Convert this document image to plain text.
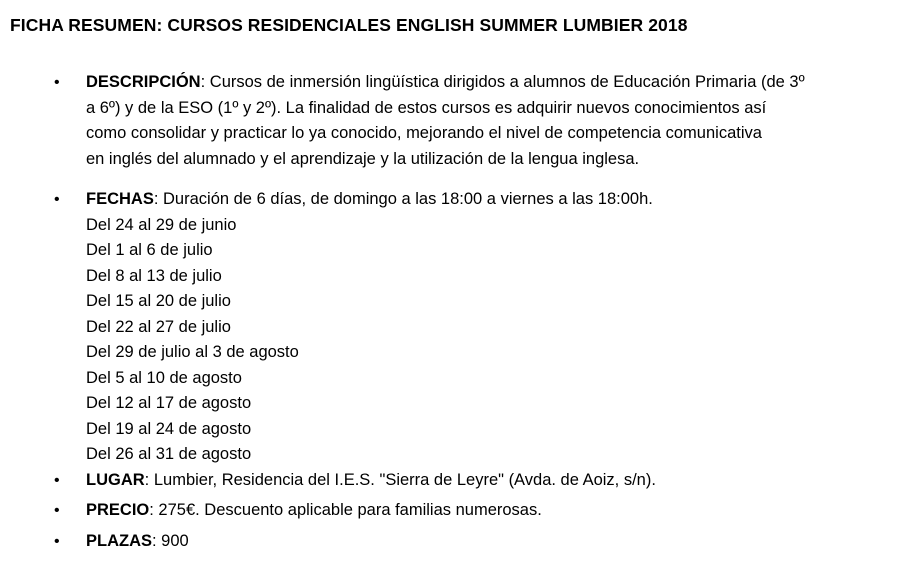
FICHA RESUMEN: CURSOS RESIDENCIALES ENGLISH SUMMER LUMBIER 2018
• DESCRIPCIÓN: Cursos de inmersión lingüística dirigidos a alumnos de Educación Primaria (de 3º
a 6º) y de la ESO (1º y 2º). La finalidad de estos cursos es adquirir nuevos conocimientos así
como consolidar y practicar lo ya conocido, mejorando el nivel de competencia comunicativa
en inglés del alumnado y el aprendizaje y la utilización de la lengua inglesa.
• FECHAS: Duración de 6 días, de domingo a las 18:00 a viernes a las 18:00h.
Del 24 al 29 de junio
Del 1 al 6 de julio
Del 8 al 13 de julio
Del 15 al 20 de julio
Del 22 al 27 de julio
Del 29 de julio al 3 de agosto
Del 5 al 10 de agosto
Del 12 al 17 de agosto
Del 19 al 24 de agosto
Del 26 al 31 de agosto
• LUGAR: Lumbier, Residencia del I.E.S. "Sierra de Leyre" (Avda. de Aoiz, s/n).
• PRECIO: 275€. Descuento aplicable para familias numerosas.
• PLAZAS: 900
